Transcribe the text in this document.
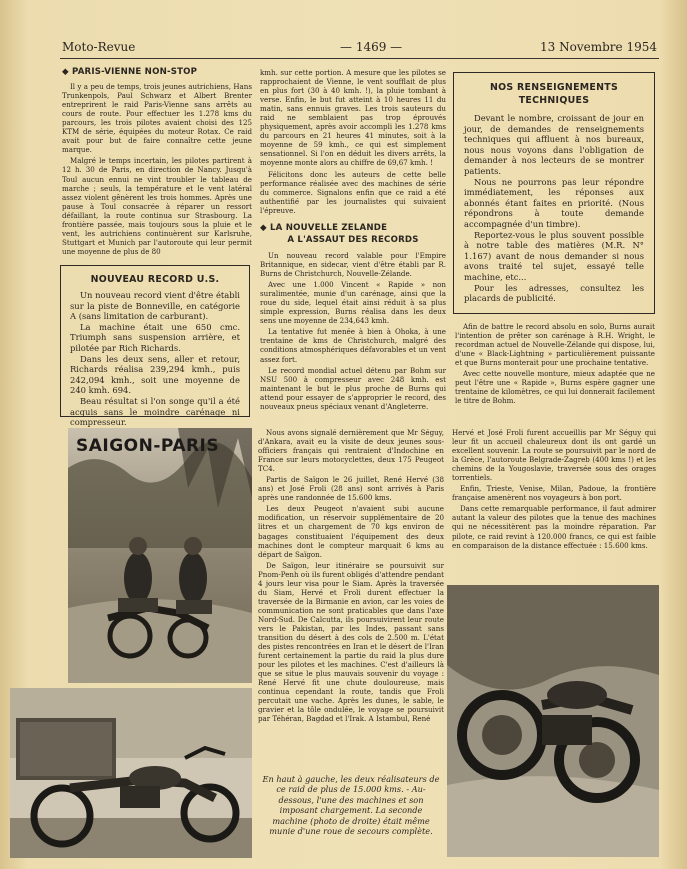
Moto-Revue	— 1469 —	13 Novembre 1954
◆ PARIS-VIENNE NON-STOP

Il y a peu de temps, trois jeunes autrichiens, Hans Trunkenpols, Paul Schwarz et Albert Brenter entreprirent le raid Paris-Vienne sans arrêts au cours de route. Pour effectuer les 1.278 kms du parcours, les trois pilotes avaient choisi des 125 KTM de série, équipées du moteur Rotax. Ce raid avait pour but de faire connaître cette jeune marque.

Malgré le temps incertain, les pilotes partirent à 12 h. 30 de Paris, en direction de Nancy. Jusqu'à Toul aucun ennui ne vint troubler le tableau de marche ; seuls, la température et le vent latéral assez violent gênèrent les trois hommes. Après une pause à Toul consacrée à réparer un ressort défaillant, la route continua sur Strasbourg. La frontière passée, mais toujours sous la pluie et le vent, les autrichiens continuèrent sur Karlsruhe, Stuttgart et Munich par l'autoroute qui leur permit une moyenne de plus de 80

NOUVEAU RECORD U.S.

Un nouveau record vient d'être établi sur la piste de Bonneville, en catégorie A (sans limitation de carburant).

La machine était une 650 cmc. Triumph sans suspension arrière, et pilotée par Rich Richards.

Dans les deux sens, aller et retour, Richards réalisa 239,294 kmh., puis 242,094 kmh., soit une moyenne de 240 kmh. 694.

Beau résultat si l'on songe qu'il a été acquis sans le moindre carénage ni compresseur.

kmh. sur cette portion. A mesure que les pilotes se rapprochaient de Vienne, le vent soufflait de plus en plus fort (30 à 40 kmh. !), la pluie tombant à verse. Enfin, le but fut atteint à 10 heures 11 du matin, sans ennuis graves. Les trois sauteurs du raid ne semblaient pas trop éprouvés physiquement, après avoir accompli les 1.278 kms du parcours en 21 heures 41 minutes, soit à la moyenne de 59 kmh., ce qui est simplement sensationnel. Si l'on en déduit les divers arrêts, la moyenne monte alors au chiffre de 69,67 kmh. !

Félicitons donc les auteurs de cette belle performance réalisée avec des machines de série du commerce. Signalons enfin que ce raid a été authentifié par les journalistes qui suivaient l'épreuve.

◆ LA NOUVELLE ZELANDE
A L'ASSAUT DES RECORDS

Un nouveau record valable pour l'Empire Britannique, en sidecar, vient d'être établi par R. Burns de Christchurch, Nouvelle-Zélande.

Avec une 1.000 Vincent « Rapide » non suralimentée, munie d'un carénage, ainsi que la roue du side, lequel était ainsi réduit à sa plus simple expression, Burns réalisa dans les deux sens une moyenne de 234,643 kmh.

La tentative fut menée à bien à Ohoka, à une trentaine de kms de Christchurch, malgré des conditions atmosphériques défavorables et un vent assez fort.

Le record mondial actuel détenu par Bohm sur NSU 500 à compresseur avec 248 kmh. est maintenant le but le plus proche de Burns qui attend pour essayer de s'approprier le record, des nouveaux pneus spéciaux venant d'Angleterre.

NOS RENSEIGNEMENTS
TECHNIQUES

Devant le nombre, croissant de jour en jour, de demandes de renseignements techniques qui affluent à nos bureaux, nous nous voyons dans l'obligation de demander à nos lecteurs de se montrer patients.

Nous ne pourrons pas leur répondre immédiatement, les réponses aux abonnés étant faites en priorité. (Nous répondrons à toute demande accompagnée d'un timbre).

Reportez-vous le plus souvent possible à notre table des matières (M.R. N° 1.167) avant de nous demander si nous avons traité tel sujet, essayé telle machine, etc...

Pour les adresses, consultez les placards de publicité.

Afin de battre le record absolu en solo, Burns aurait l'intention de prêter son carénage à R.H. Wright, le recordman actuel de Nouvelle-Zélande qui dispose, lui, d'une « Black-Lightning » particulièrement puissante et que Burns monterait pour une prochaine tentative.

Avec cette nouvelle monture, mieux adaptée que ne peut l'être une « Rapide », Burns espère gagner une trentaine de kilomètres, ce qui lui donnerait facilement le titre de Bohm.

SAIGON-PARIS

Nous avons signalé dernièrement que Mr Séguy, d'Ankara, avait eu la visite de deux jeunes sous-officiers français qui rentraient d'Indochine en France sur leurs motocyclettes, deux 175 Peugeot TC4.

Partis de Saïgon le 26 juillet, René Hervé (38 ans) et José Froli (28 ans) sont arrivés à Paris après une randonnée de 15.600 kms.

Les deux Peugeot n'avaient subi aucune modification, un réservoir supplémentaire de 20 litres et un chargement de 70 kgs environ de bagages constituaient l'équipement des deux machines dont le compteur marquait 6 kms au départ de Saïgon.

De Saïgon, leur itinéraire se poursuivit sur Pnom-Penh où ils furent obligés d'attendre pendant 4 jours leur visa pour le Siam. Après la traversée du Siam, Hervé et Froli durent effectuer la traversée de la Birmanie en avion, car les voies de communication ne sont praticables que dans l'axe Nord-Sud. De Calcutta, ils poursuivirent leur route vers le Pakistan, par les Indes, passant sans transition du désert à des cols de 2.500 m. L'état des pistes rencontrées en Iran et le désert de l'Iran furent certainement la partie du raid la plus dure pour les pilotes et les machines. C'est d'ailleurs là que se situe le plus mauvais souvenir du voyage : René Hervé fit une chute douloureuse, mais continua cependant la route, tandis que Froli percutait une vache. Après les dunes, le sable, le gravier et la tôle ondulée, le voyage se poursuivit par Téhéran, Bagdad et l'Irak. A Istambul, René

En haut à gauche, les deux réalisateurs de ce raid de plus de 15.000 kms. - Au-dessous, l'une des machines et son imposant chargement. La seconde machine (photo de droite) était même munie d'une roue de secours complète.

Hervé et José Froli furent accueillis par Mr Séguy qui leur fit un accueil chaleureux dont ils ont gardé un excellent souvenir. La route se poursuivit par le nord de la Grèce, l'autoroute Belgrade-Zagreb (400 kms !) et les chemins de la Yougoslavie, traversée sous des orages torrentiels.

Enfin, Trieste, Venise, Milan, Padoue, la frontière française amenèrent nos voyageurs à bon port.

Dans cette remarquable performance, il faut admirer autant la valeur des pilotes que la tenue des machines qui ne nécessitèrent pas la moindre réparation. Par pilote, ce raid revint à 120.000 francs, ce qui est faible en comparaison de la distance effectuée : 15.600 kms.
